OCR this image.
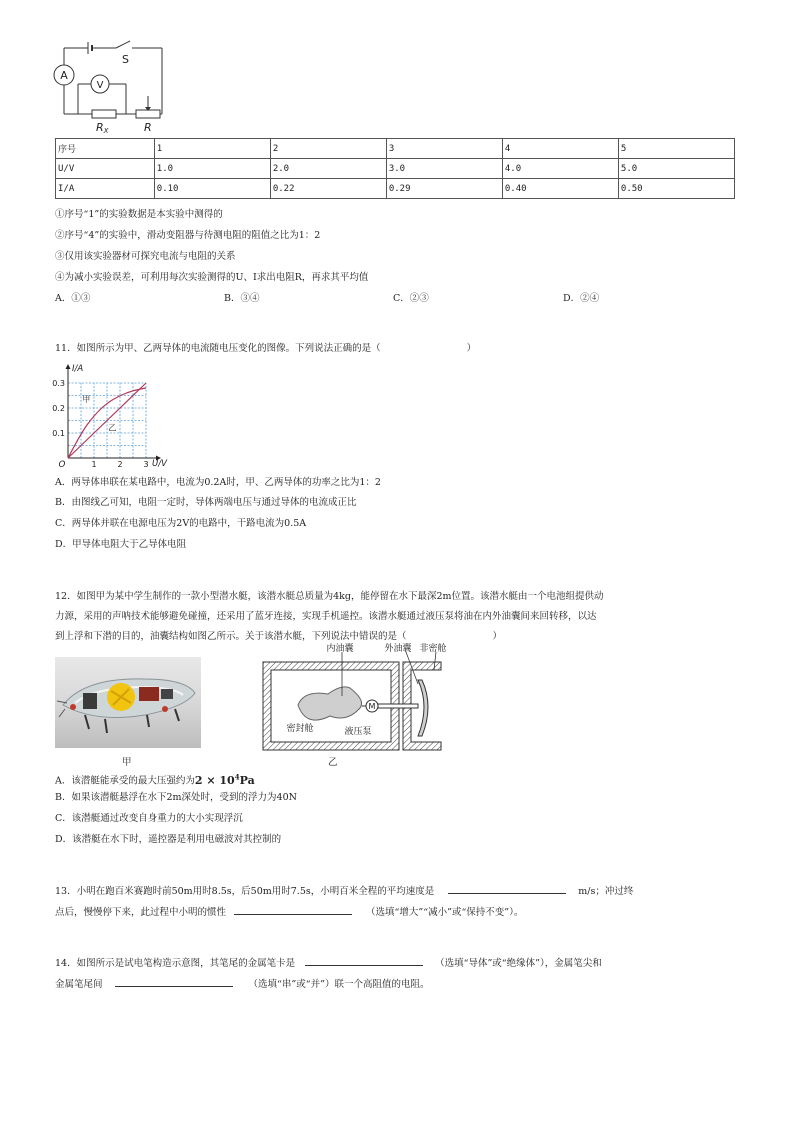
A
V
S
RX	R
序号	1	2	3	4	5
U/V	1.0	2.0	3.0	4.0	5.0
I/A	0.10	0.22	0.29	0.40	0.50
①序号“1”的实验数据是本实验中测得的
②序号“4”的实验中，滑动变阻器与待测电阻的阻值之比为1：2
③仅用该实验器材可探究电流与电阻的关系
④为减小实验误差，可利用每次实验测得的U、I求出电阻R，再求其平均值
A．①③	B．③④	C．②③	D．②④
11．如图所示为甲、乙两导体的电流随电压变化的图像。下列说法正确的是（	）
1	2	3
0.1
0.2
0.3
O
I/A
U/V
甲
乙
A．两导体串联在某电路中，电流为0.2A时，甲、乙两导体的功率之比为1：2
B．由图线乙可知，电阻一定时，导体两端电压与通过导体的电流成正比
C．两导体并联在电源电压为2V的电路中，干路电流为0.5A
D．甲导体电阻大于乙导体电阻
12．如图甲为某中学生制作的一款小型潜水艇，该潜水艇总质量为4kg，能停留在水下最深2m位置。该潜水艇由一个电池组提供动
力源，采用的声呐技术能够避免碰撞，还采用了蓝牙连接，实现手机遥控。该潜水艇通过液压泵将油在内外油囊间来回转移，以达
到上浮和下潜的目的，油囊结构如图乙所示。关于该潜水艇，下列说法中错误的是（	）
甲
M
内油囊	外油囊 非密舱
密封舱	液压泵
乙
A．该潜艇能承受的最大压强约为$2 \times 10^4Pa$
B．如果该潜艇悬浮在水下2m深处时，受到的浮力为40N
C．该潜艇通过改变自身重力的大小实现浮沉
D．该潜艇在水下时，遥控器是利用电磁波对其控制的
13．小明在跑百米赛跑时前50m用时8.5s，后50m用时7.5s，小明百米全程的平均速度是	m/s；冲过终
点后，慢慢停下来，此过程中小明的惯性	（选填“增大”“减小”或“保持不变”）。
14．如图所示是试电笔构造示意图，其笔尾的金属笔卡是	（选填“导体”或“绝缘体”），金属笔尖和
金属笔尾间	（选填“串”或“并”）联一个高阻值的电阻。
